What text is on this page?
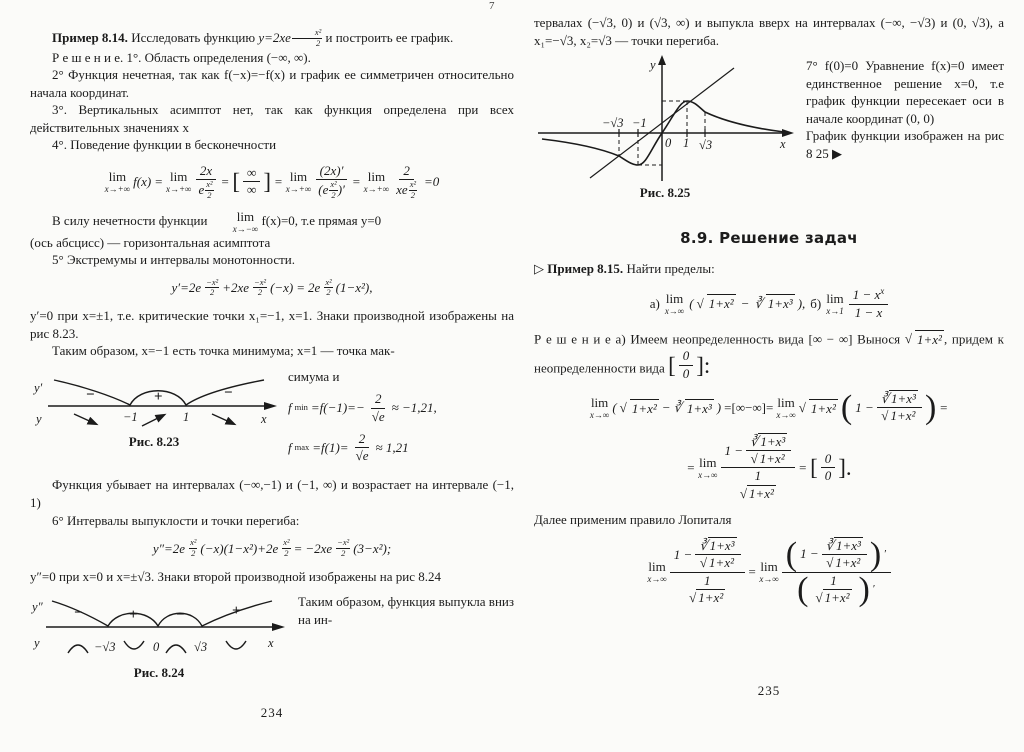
7

Пример 8.14. Исследовать функцию $y=2xe \frac{\text{x²}}{2}$ и построить ее график.

Р е ш е н и е. 1°. Область определения (−∞, ∞).

2° Функция нечетная, так как f(−x)=−f(x) и график ее симметричен относительно начала координат.

3°. Вертикальных асимптот нет, так как функция определена при всех действительных значениях x

4°. Поведение функции в бесконечности

lim
x→+∞ f(x) = lim
$x\to+\infty \frac{2x}{e \frac{\text{x²}}{2}}$ = [ ∞
∞ ] = lim
$x\to+\infty \frac{(2x)'}{(e \frac{\text{x²}}{2} )'} = \lim$
x→+∞
2
xe $\frac{\text{x²}}{2} =0$

В силу нечетности функции	lim
x→−∞
f(x)=0, т.е прямая y=0

(ось абсцисс) — горизонтальная асимптота

5° Экстремумы и интервалы монотонности.

y′=2e −x²
2 +2xe −x²
2 (−x) = 2e x²
2 (1−x²),

y′=0 при x=±1, т.е. критические точки x₁=−1, x=1. Знаки производной изображены на рис 8.23.

Таким образом, x=−1 есть точка минимума; x=1 — точка мак-

y′
y
−	+	−
−1	1	x
Рис. 8.23

симума и

f $\min =f(-1)=- \frac{2}{√e} \approx -1,21$,
f $\max =f(1)= \frac{2}{√e} \approx 1,21$

Функция убывает на интервалах (−∞,−1) и (−1, ∞) и возрастает на интервале (−1, 1)

6° Интервалы выпуклости и точки перегиба:

y″=2e x²
2 $(-x)(1-x^2)+2e \frac{\text{x²}}{2} = -2xe -x^2$
2 (3−x²);

y″=0 при x=0 и x=±√3. Знаки второй производной изображены на рис 8.24

y″
y
−	+	−	+
−√3	0	√3	x
Рис. 8.24

Таким образом, функция выпукла вниз на ин-

234

тервалах (−√3, 0) и (√3, ∞) и выпукла вверх на интервалах (−∞, −√3) и (0, √3), а x₁=−√3, x₂=√3 — точки перегиба.

y
x
−√3 −1
0 1 √3
Рис. 8.25

7° f(0)=0 Уравнение f(x)=0 имеет единственное решение x=0, т.е график функции пересекает оси в начале координат (0, 0)

График функции изображен на рис 8 25 ▶

8.9. Решение задач

▷ Пример 8.15. Найти пределы:

а) lim
x→∞ ( √ 1+x² − ∛ 1+x³ ), б) lim
x→1
$1 - x^x$
1 − x

Р е ш е н и е а) Имеем неопределенность вида [∞ − ∞] Вынося √ 1+x² , придем к неопределенности вида [ 0
0 ]:

lim
x→∞ ( √ 1+x² − ∛ 1+x³ ) =[∞−∞]= lim
x→∞ √ 1+x² ( $1 - \frac{\text{∛ 1+x³}}{\text{√ 1+x²}}$ ) =
= lim
$x\to\infty \frac{1 - \frac{\text{∛ 1+x³}}{\text{√ 1+x²}}}{\frac{1}{\text{√ 1+x²}}}$ = [ 0
0 ].

Далее применим правило Лопиталя

lim
$x\to\infty \frac{1 - \frac{\text{∛ 1+x³}}{\text{√ 1+x²}}}{\frac{1}{\text{√ 1+x²}}} = \lim$
x→∞
( $1 - \frac{\text{∛ 1+x³}}{\text{√ 1+x²}}$ ) ′
(	1
√ 1+x² ) ′
235
